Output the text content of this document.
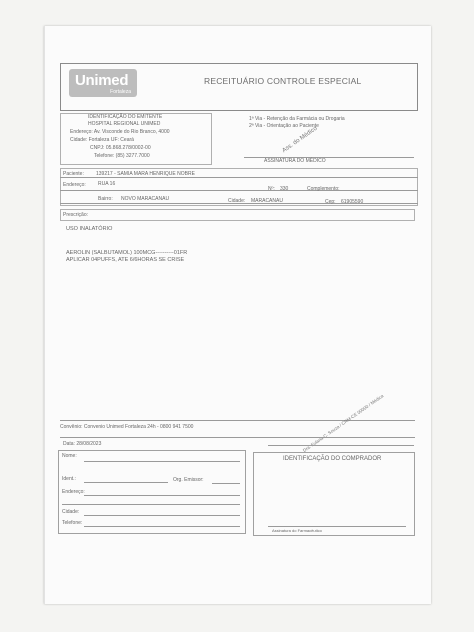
Unimed
Fortaleza
RECEITUÁRIO CONTROLE ESPECIAL
IDENTIFICAÇÃO DO EMITENTE
HOSPITAL REGIONAL UNIMED
Endereço: Av. Visconde do Rio Branco, 4000
Cidade: Fortaleza UF: Ceará
CNPJ: 05.868.278/0002-00
Telefone: (85) 3277.7000
1ª Via - Retenção da Farmácia ou Drogaria
2ª Via - Orientação ao Paciente
Ass. do Médico
ASSINATURA DO MÉDICO
Paciente: 139217 - SAMIA MARA HENRIQUE NOBRE
Endereço: RUA 16
Nº: 330	Complemento:
Bairro: NOVO MARACANAU	Cidade: MARACANAU	Cep: 61905590
Prescrição:
USO INALATÓRIO
AEROLIN (SALBUTAMOL) 100MCG----------01FR
APLICAR 04PUFFS, ATE 6/6HORAS SE CRISE
Convênio: Convenio Unimed Fortaleza 24h - 0800 941 7500	Dra. Fulana C. Souza / CRM-CE 00000 / Médica
Data: 28/08/2023
Nome:
Ident.:	Org. Emissor:
Endereço:
Cidade:
Telefone:
IDENTIFICAÇÃO DO COMPRADOR
Assinatura do Farmacêutico
